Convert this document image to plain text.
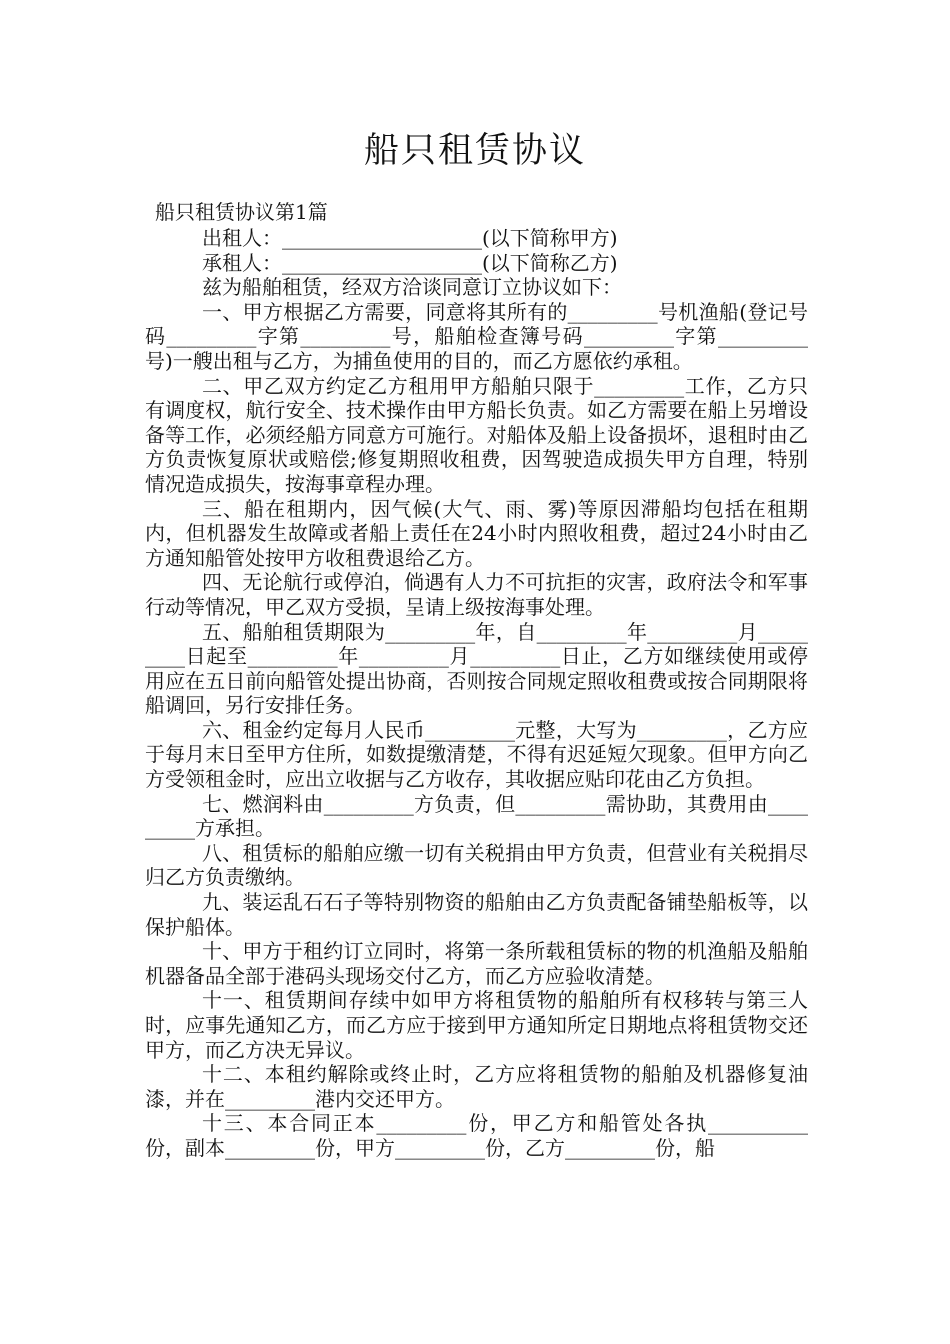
船只租赁协议
船只租赁协议第1篇

出租人：____________________(以下简称甲方)

承租人：____________________(以下简称乙方)

兹为船舶租赁，经双方洽谈同意订立协议如下：

一、甲方根据乙方需要，同意将其所有的_________号机渔船(登记号码_________字第_________号，船舶检查簿号码_________字第_________号)一艘出租与乙方，为捕鱼使用的目的，而乙方愿依约承租。

二、甲乙双方约定乙方租用甲方船舶只限于_________工作，乙方只有调度权，航行安全、技术操作由甲方船长负责。如乙方需要在船上另增设备等工作，必须经船方同意方可施行。对船体及船上设备损坏，退租时由乙方负责恢复原状或赔偿;修复期照收租费，因驾驶造成损失甲方自理，特别情况造成损失，按海事章程办理。

三、船在租期内，因气候(大气、雨、雾)等原因滞船均包括在租期内，但机器发生故障或者船上责任在24小时内照收租费，超过24小时由乙方通知船管处按甲方收租费退给乙方。

四、无论航行或停泊，倘遇有人力不可抗拒的灾害，政府法令和军事行动等情况，甲乙双方受损，呈请上级按海事处理。

五、船舶租赁期限为_________年，自_________年_________月_________日起至_________年_________月_________日止，乙方如继续使用或停用应在五日前向船管处提出协商，否则按合同规定照收租费或按合同期限将船调回，另行安排任务。

六、租金约定每月人民币_________元整，大写为_________，乙方应于每月末日至甲方住所，如数提缴清楚，不得有迟延短欠现象。但甲方向乙方受领租金时，应出立收据与乙方收存，其收据应贴印花由乙方负担。

七、燃润料由_________方负责，但_________需协助，其费用由_________方承担。

八、租赁标的船舶应缴一切有关税捐由甲方负责，但营业有关税捐尽归乙方负责缴纳。

九、装运乱石石子等特别物资的船舶由乙方负责配备铺垫船板等，以保护船体。

十、甲方于租约订立同时，将第一条所载租赁标的物的机渔船及船舶机器备品全部于港码头现场交付乙方，而乙方应验收清楚。

十一、租赁期间存续中如甲方将租赁物的船舶所有权移转与第三人时，应事先通知乙方，而乙方应于接到甲方通知所定日期地点将租赁物交还甲方，而乙方决无异议。

十二、本租约解除或终止时，乙方应将租赁物的船舶及机器修复油漆，并在_________港内交还甲方。

十三、本合同正本_________份，甲乙方和船管处各执__________份，副本_________份，甲方_________份，乙方_________份，船
